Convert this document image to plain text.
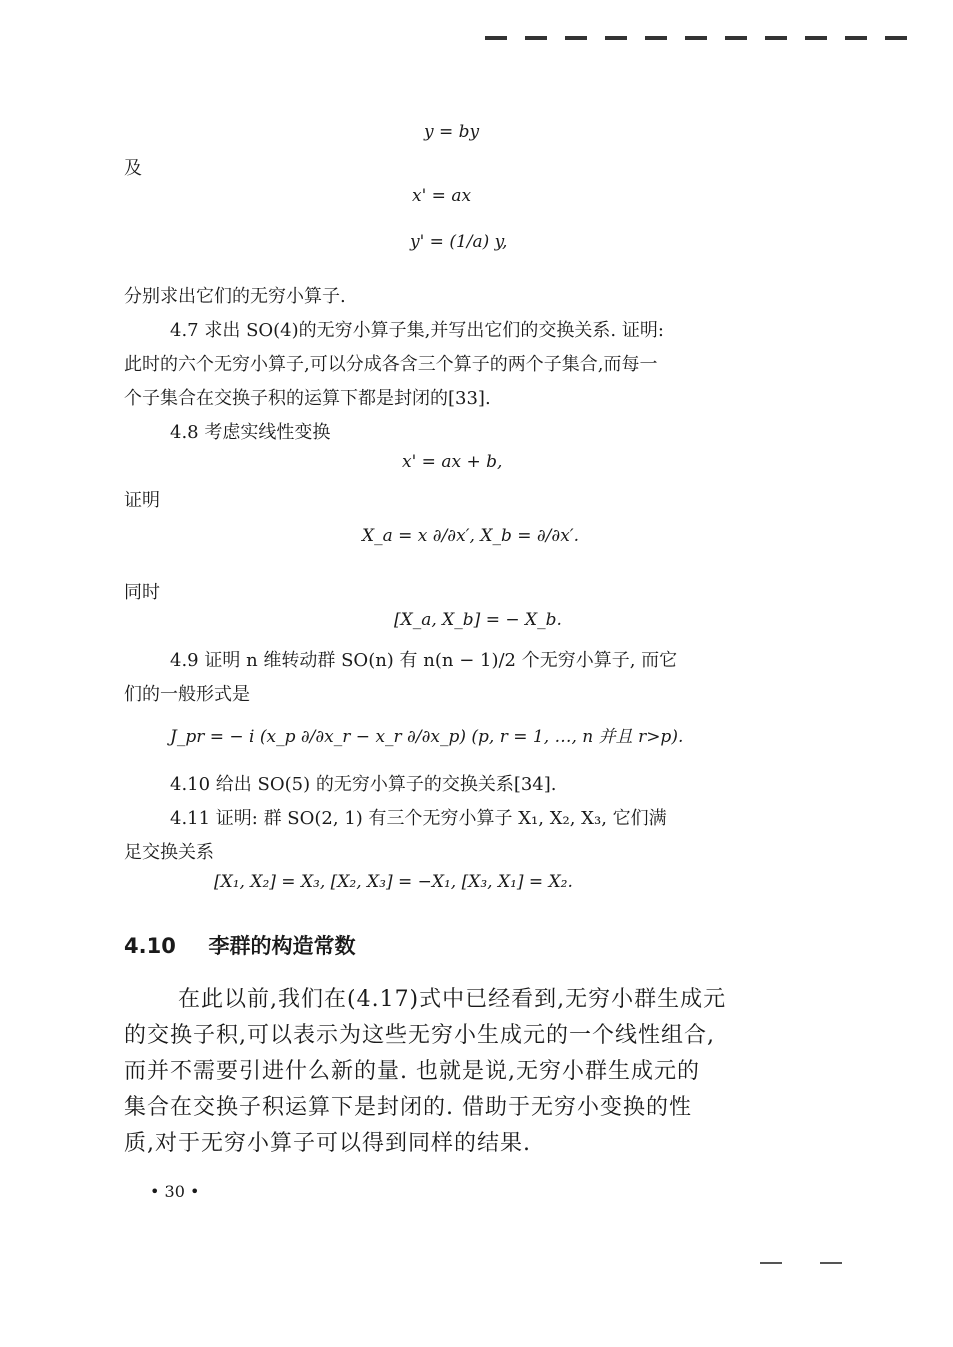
y = by
及
x' = ax
y' = (1/a) y,
分别求出它们的无穷小算子.
4.7 求出 SO(4)的无穷小算子集,并写出它们的交换关系. 证明:
此时的六个无穷小算子,可以分成各含三个算子的两个子集合,而每一
个子集合在交换子积的运算下都是封闭的[33].
4.8 考虑实线性变换
x' = ax + b,
证明
X_a = x ∂/∂x′, X_b = ∂/∂x′.
同时
[X_a, X_b] = − X_b.
4.9 证明 n 维转动群 SO(n) 有 n(n − 1)/2 个无穷小算子, 而它
们的一般形式是
J_pr = − i (x_p ∂/∂x_r − x_r ∂/∂x_p) (p, r = 1, …, n 并且 r>p).
4.10 给出 SO(5) 的无穷小算子的交换关系[34].
4.11 证明: 群 SO(2, 1) 有三个无穷小算子 X₁, X₂, X₃, 它们满
足交换关系
[X₁, X₂] = X₃, [X₂, X₃] = −X₁, [X₃, X₁] = X₂.
4.10 李群的构造常数
在此以前,我们在(4.17)式中已经看到,无穷小群生成元
的交换子积,可以表示为这些无穷小生成元的一个线性组合,
而并不需要引进什么新的量. 也就是说,无穷小群生成元的
集合在交换子积运算下是封闭的. 借助于无穷小变换的性
质,对于无穷小算子可以得到同样的结果.
• 30 •
